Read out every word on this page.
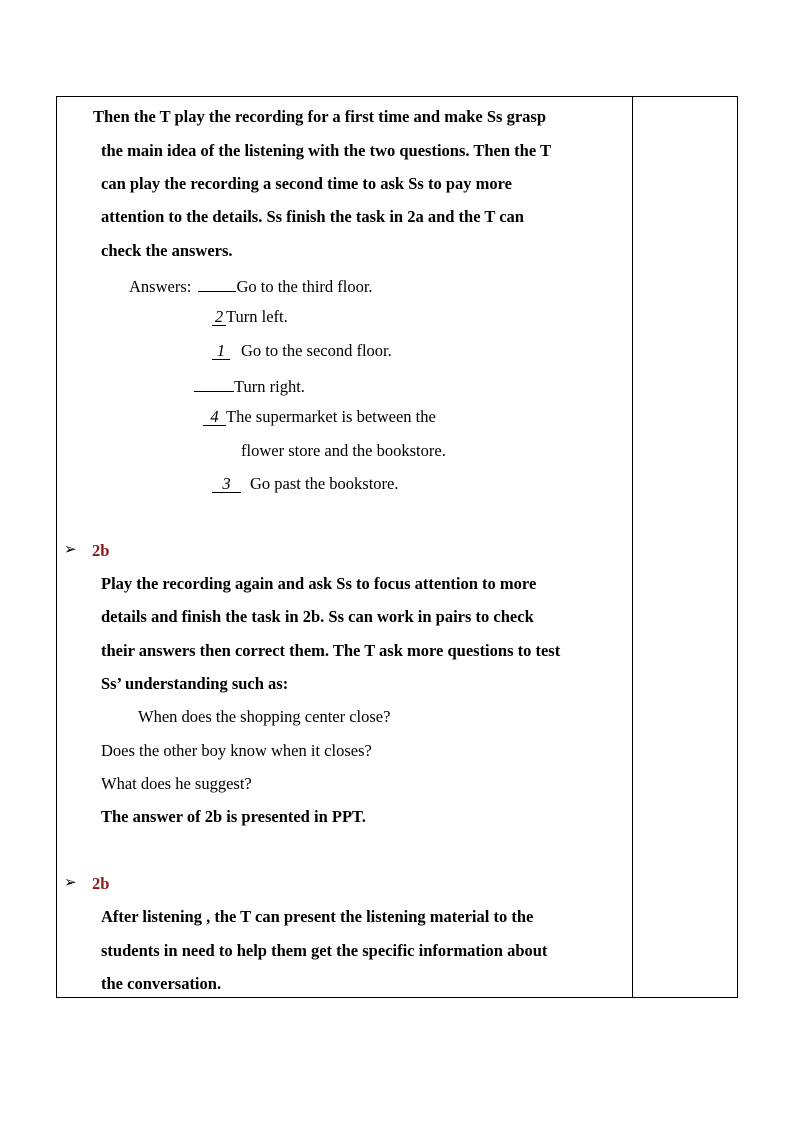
Then the T play the recording for a first time and make Ss grasp
the main idea of the listening with the two questions. Then the T
can play the recording a second time to ask Ss to pay more
attention to the details. Ss finish the task in 2a and the T can
check the answers.
Answers:	Go to the third floor.
2 Turn left.
1 Go to the second floor.
Turn right.
4 The supermarket is between the
flower store and the bookstore.
3 Go past the bookstore.
➢ 2b
Play the recording again and ask Ss to focus attention to more
details and finish the task in 2b. Ss can work in pairs to check
their answers then correct them. The T ask more questions to test
Ss’ understanding such as:
When does the shopping center close?
Does the other boy know when it closes?
What does he suggest?
The answer of 2b is presented in PPT.
➢ 2b
After listening , the T can present the listening material to the
students in need to help them get the specific information about
the conversation.
